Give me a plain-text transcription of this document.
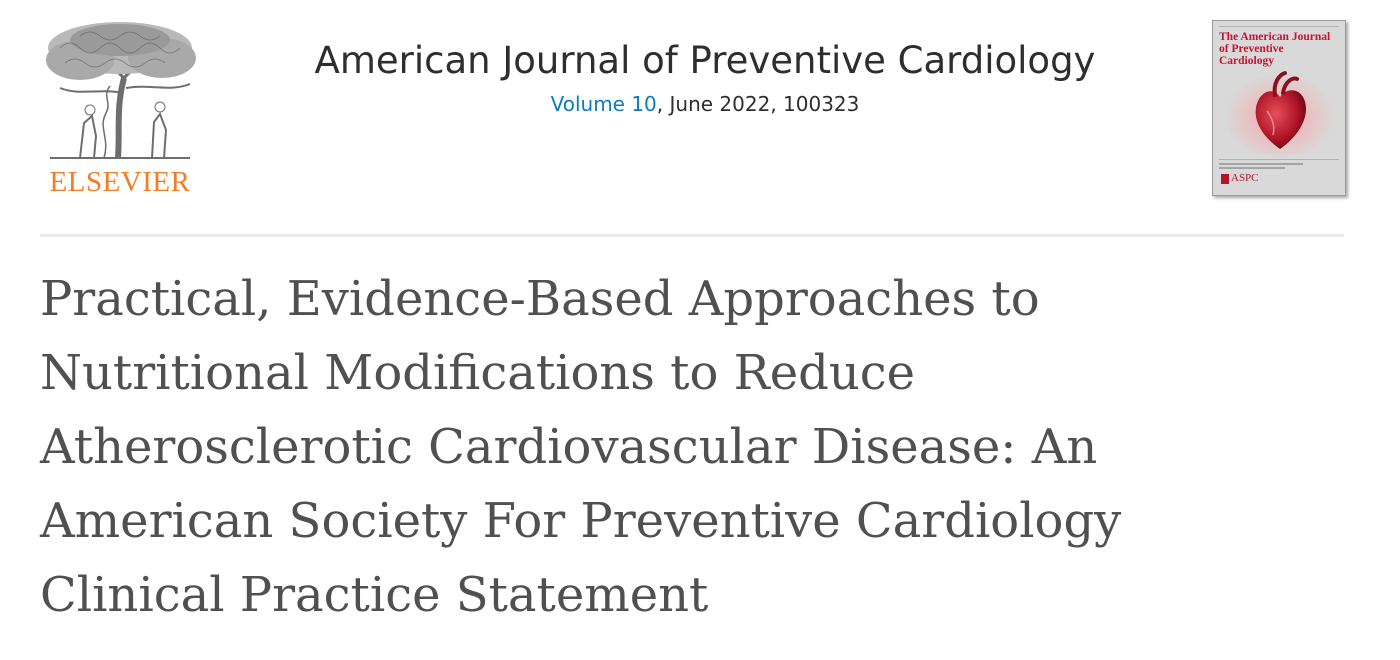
ELSEVIER
American Journal of Preventive Cardiology
Volume 10, June 2022, 100323
The American Journal of Preventive Cardiology
ASPC
Practical, Evidence-Based Approaches to
Nutritional Modifications to Reduce
Atherosclerotic Cardiovascular Disease: An
American Society For Preventive Cardiology
Clinical Practice Statement
